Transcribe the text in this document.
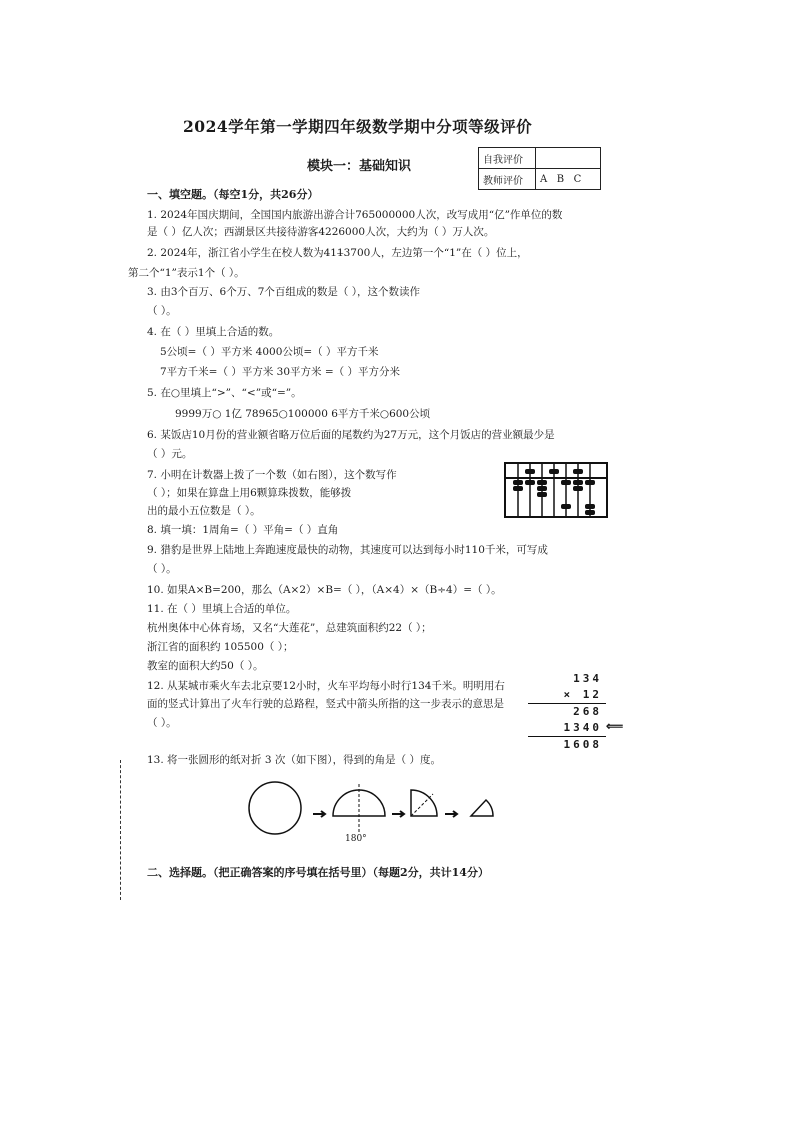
2024学年第一学期四年级数学期中分项等级评价
模块一：基础知识	自我评价	
教师评价	A   B   C
一、填空题。（每空1分，共26分）
1. 2024年国庆期间，全国国内旅游出游合计765000000人次，改写成用“亿”作单位的数
是（ ）亿人次；西湖景区共接待游客4226000人次，大约为（ ）万人次。
2. 2024年，浙江省小学生在校人数为411̶3700人，左边第一个“1”在（ ）位上，
第二个“1”表示1个（ ）。
3. 由3个百万、6个万、7个百组成的数是（ ），这个数读作
（ ）。
4. 在（ ）里填上合适的数。
5公顷=（ ）平方米 4000公顷=（ ）平方千米
7平方千米=（ ）平方米 30平方米 =（ ）平方分米
5. 在○里填上“>”、“<”或“=”。
9999万○ 1亿 78965○100000 6平方千米○600公顷
6. 某饭店10月份的营业额省略万位后面的尾数约为27万元，这个月饭店的营业额最少是
（ ）元。
7. 小明在计数器上拨了一个数（如右图），这个数写作
（ ）；如果在算盘上用6颗算珠拨数，能够拨
出的最小五位数是（ ）。
8. 填一填：1周角=（ ）平角=（ ）直角
9. 猎豹是世界上陆地上奔跑速度最快的动物，其速度可以达到每小时110千米，可写成
（ ）。
10. 如果A×B=200，那么（A×2）×B=（ ），（A×4）×（B÷4）=（ ）。
11. 在（ ）里填上合适的单位。
杭州奥体中心体育场，又名“大莲花”，总建筑面积约22（ ）；
浙江省的面积约 105500（ ）；
教室的面积大约50（ ）。
12. 从某城市乘火车去北京要12小时，火车平均每小时行134千米。明明用右
面的竖式计算出了火车行驶的总路程，竖式中箭头所指的这一步表示的意思是
（ ）。
134
× 12
268
1340
1608
⟸
13. 将一张圆形的纸对折 3 次（如下图），得到的角是（ ）度。
180°
二、选择题。（把正确答案的序号填在括号里）（每题2分，共计14分）
